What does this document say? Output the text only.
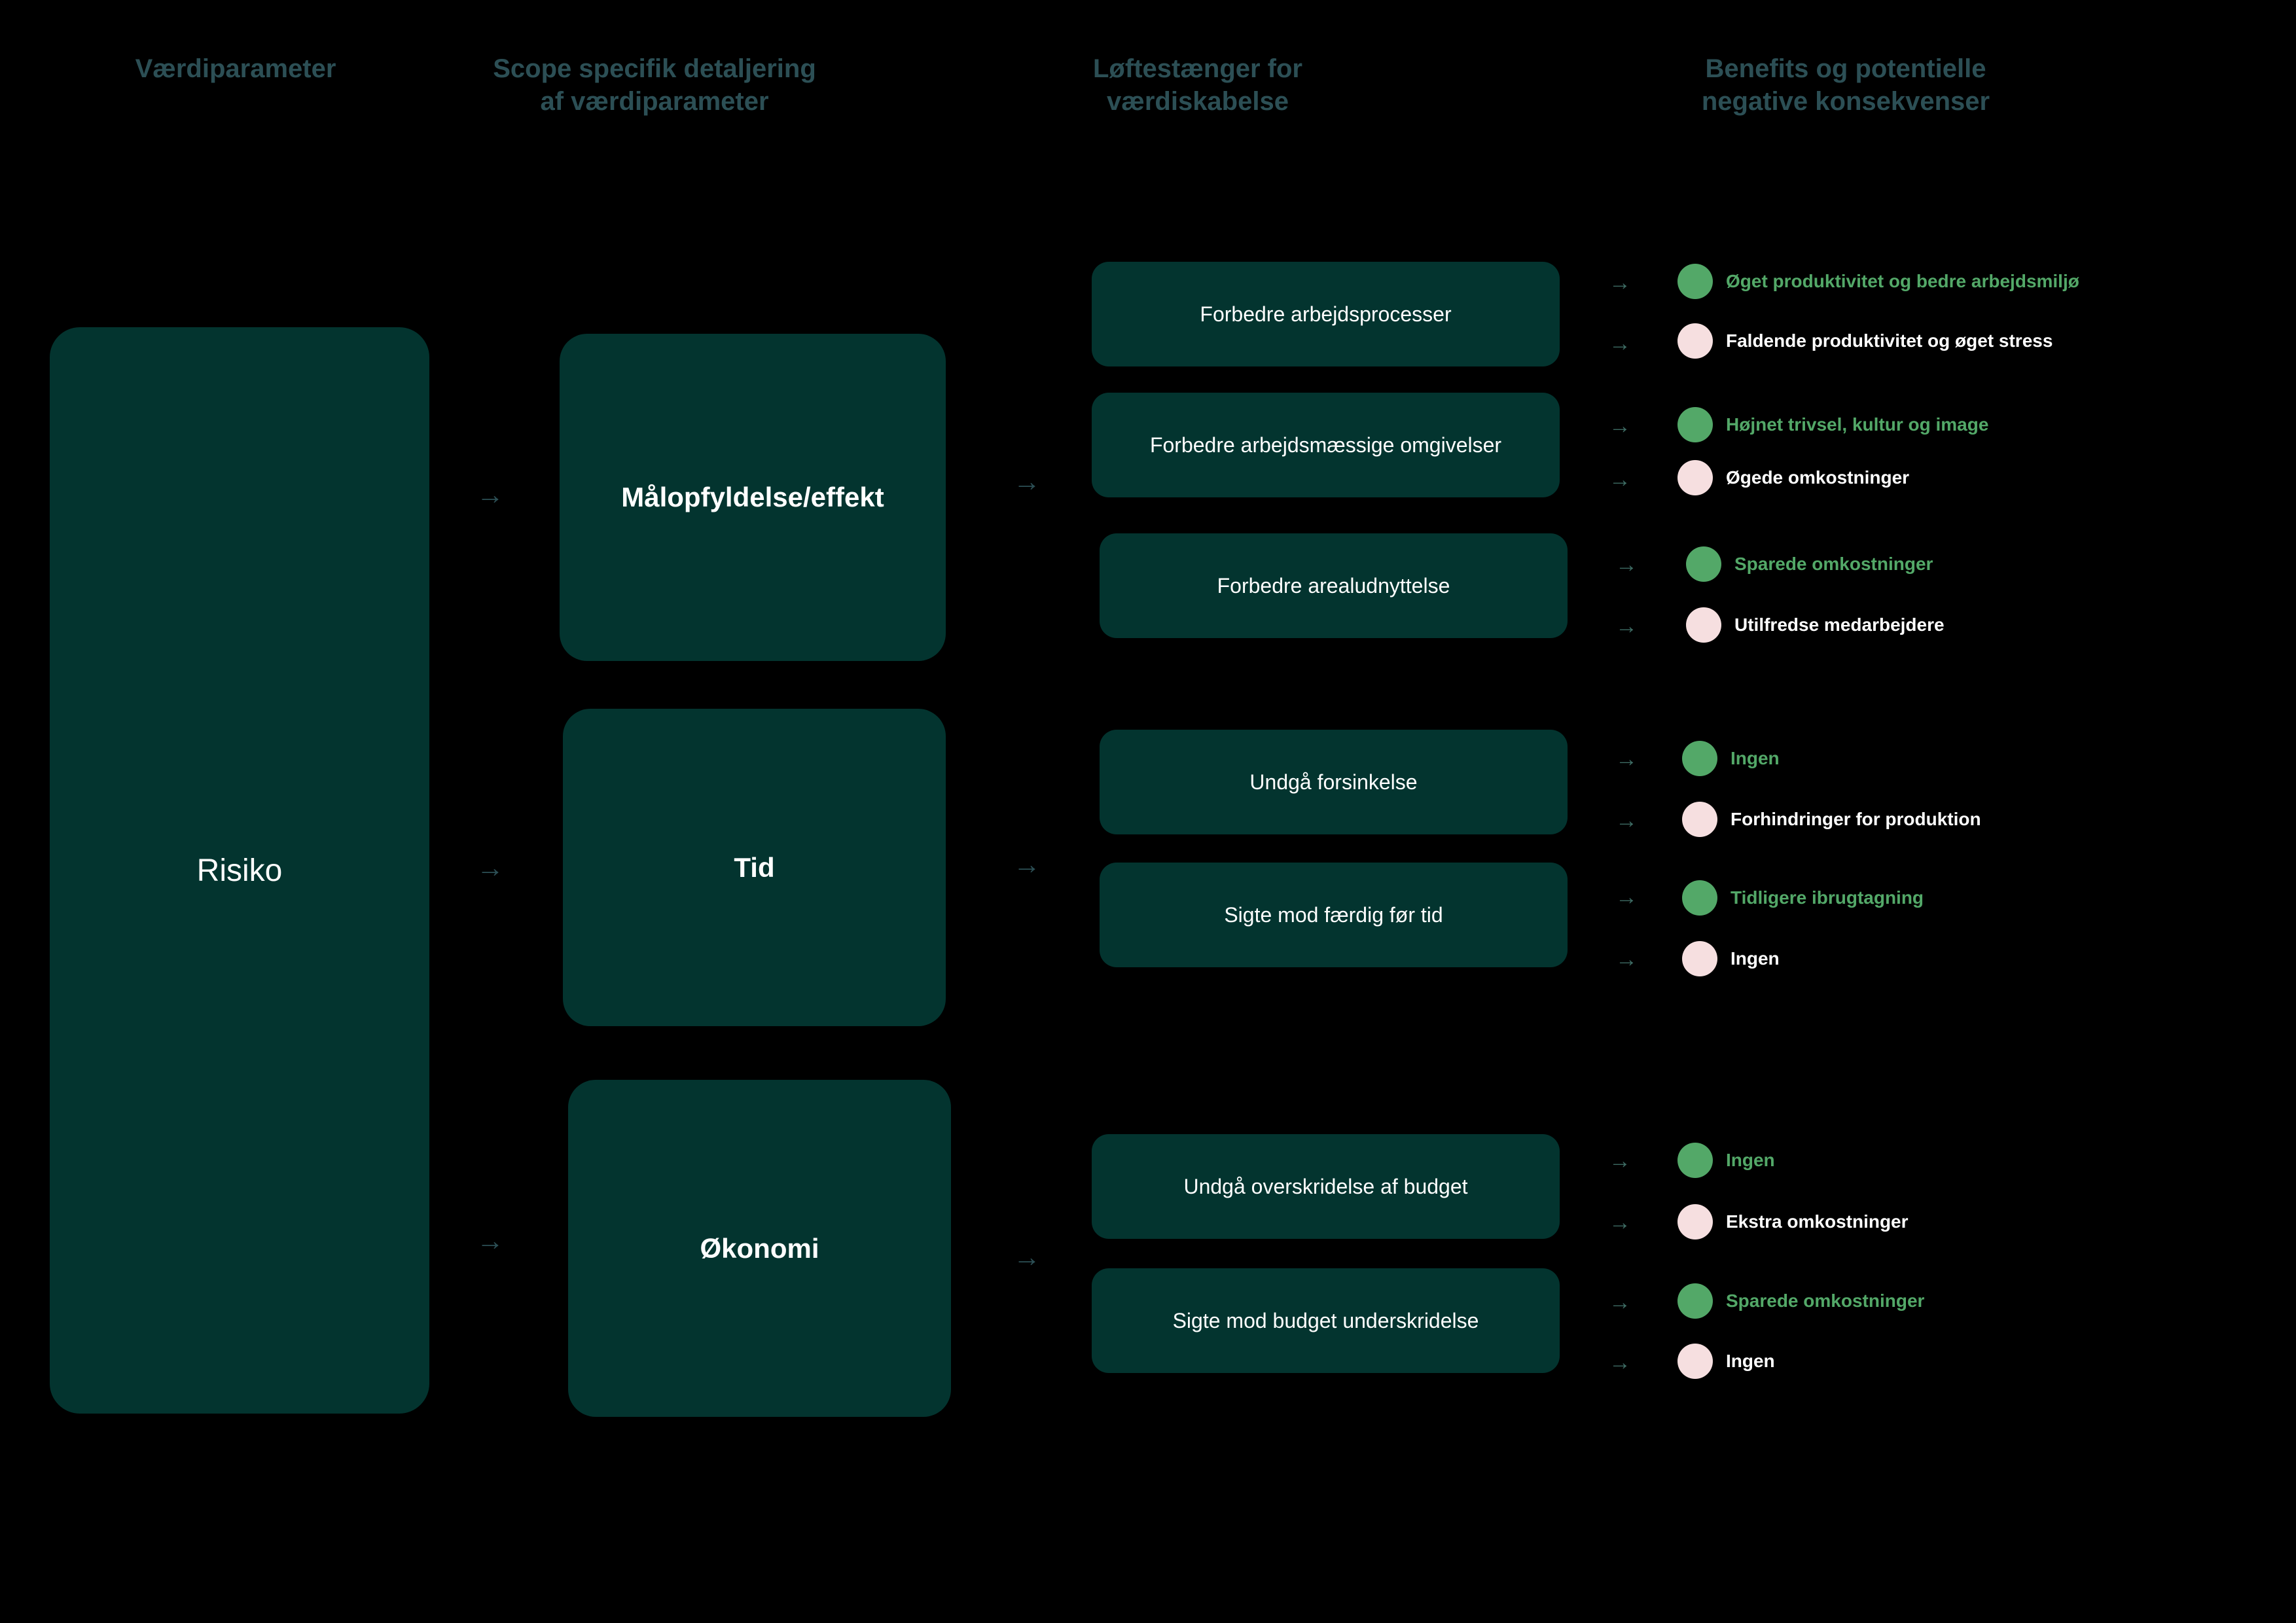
Værdiparameter	Scope specifik detaljering
af værdiparameter
Løftestænger for
værdiskabelse
Benefits og potentielle
negative konsekvenser
Risiko
→
→
→
Målopfyldelse/effekt
Tid
Økonomi
→
→
→
Forbedre arbejdsprocesser
Forbedre arbejdsmæssige omgivelser
Forbedre arealudnyttelse
Undgå forsinkelse
Sigte mod færdig før tid
Undgå overskridelse af budget
Sigte mod budget underskridelse
→
→
→
→
→
→
→
→
→
→
→
→
→
→
Øget produktivitet og bedre arbejdsmiljø
Faldende produktivitet og øget stress
Højnet trivsel, kultur og image
Øgede omkostninger
Sparede omkostninger
Utilfredse medarbejdere
Ingen
Forhindringer for produktion
Tidligere ibrugtagning
Ingen
Ingen
Ekstra omkostninger
Sparede omkostninger
Ingen
